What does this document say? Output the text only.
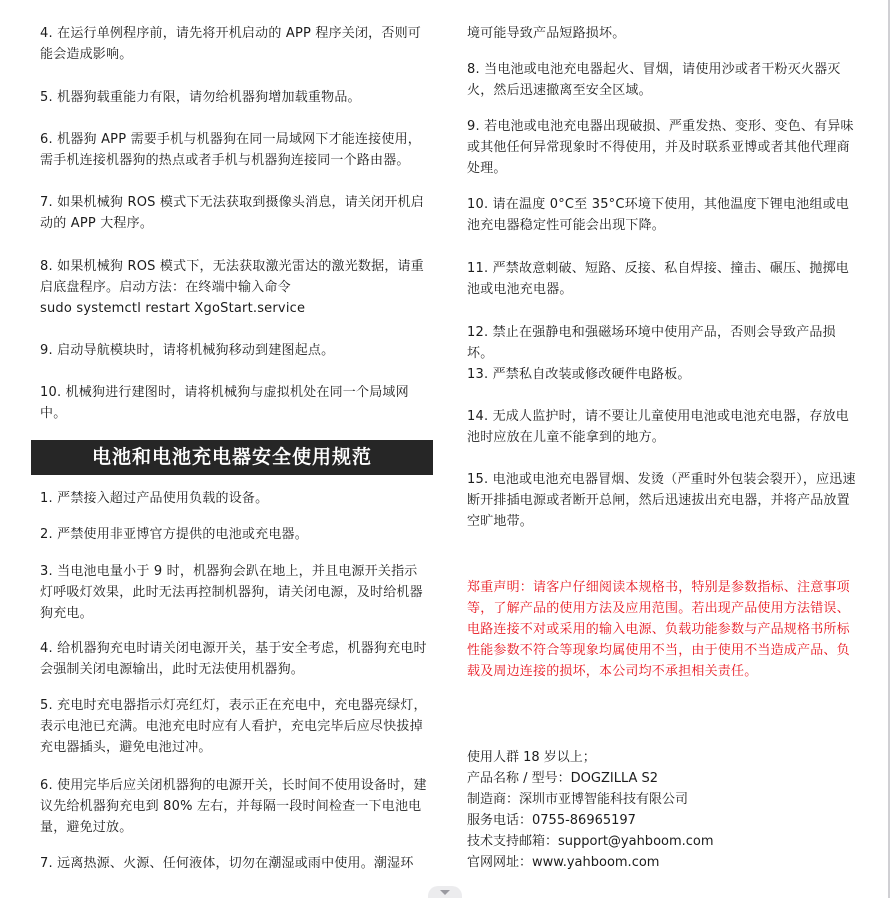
4. 在运行单例程序前，请先将开机启动的 APP 程序关闭，否则可能会造成影响。

5. 机器狗载重能力有限，请勿给机器狗增加载重物品。

6. 机器狗 APP 需要手机与机器狗在同一局域网下才能连接使用，需手机连接机器狗的热点或者手机与机器狗连接同一个路由器。

7. 如果机械狗 ROS 模式下无法获取到摄像头消息，请关闭开机启动的 APP 大程序。

8. 如果机械狗 ROS 模式下，无法获取激光雷达的激光数据，请重启底盘程序。启动方法：在终端中输入命令

sudo systemctl restart XgoStart.service

9. 启动导航模块时，请将机械狗移动到建图起点。

10. 机械狗进行建图时，请将机械狗与虚拟机处在同一个局域网中。

电池和电池充电器安全使用规范

1. 严禁接入超过产品使用负载的设备。

2. 严禁使用非亚博官方提供的电池或充电器。

3. 当电池电量小于 9 时，机器狗会趴在地上，并且电源开关指示灯呼吸灯效果，此时无法再控制机器狗，请关闭电源，及时给机器狗充电。

4. 给机器狗充电时请关闭电源开关，基于安全考虑，机器狗充电时会强制关闭电源输出，此时无法使用机器狗。

5. 充电时充电器指示灯亮红灯，表示正在充电中，充电器亮绿灯，表示电池已充满。电池充电时应有人看护，充电完毕后应尽快拔掉充电器插头，避免电池过冲。

6. 使用完毕后应关闭机器狗的电源开关，长时间不使用设备时，建议先给机器狗充电到 80% 左右，并每隔一段时间检查一下电池电量，避免过放。

7. 远离热源、火源、任何液体，切勿在潮湿或雨中使用。潮湿环

境可能导致产品短路损坏。

8. 当电池或电池充电器起火、冒烟，请使用沙或者干粉灭火器灭火，然后迅速撤离至安全区域。

9. 若电池或电池充电器出现破损、严重发热、变形、变色、有异味或其他任何异常现象时不得使用，并及时联系亚博或者其他代理商处理。

10. 请在温度 0°C至 35°C环境下使用，其他温度下锂电池组或电池充电器稳定性可能会出现下降。

11. 严禁故意刺破、短路、反接、私自焊接、撞击、碾压、抛掷电池或电池充电器。

12. 禁止在强静电和强磁场环境中使用产品，否则会导致产品损坏。

13. 严禁私自改装或修改硬件电路板。

14. 无成人监护时，请不要让儿童使用电池或电池充电器，存放电池时应放在儿童不能拿到的地方。

15. 电池或电池充电器冒烟、发烫（严重时外包装会裂开），应迅速断开排插电源或者断开总闸，然后迅速拔出充电器，并将产品放置空旷地带。

郑重声明：请客户仔细阅读本规格书，特别是参数指标、注意事项等，了解产品的使用方法及应用范围。若出现产品使用方法错误、电路连接不对或采用的输入电源、负载功能参数与产品规格书所标性能参数不符合等现象均属使用不当，由于使用不当造成产品、负载及周边连接的损坏，本公司均不承担相关责任。

使用人群 18 岁以上；

产品名称 / 型号：DOGZILLA S2

制造商：深圳市亚博智能科技有限公司

服务电话：0755-86965197

技术支持邮箱：support@yahboom.com

官网网址：www.yahboom.com
